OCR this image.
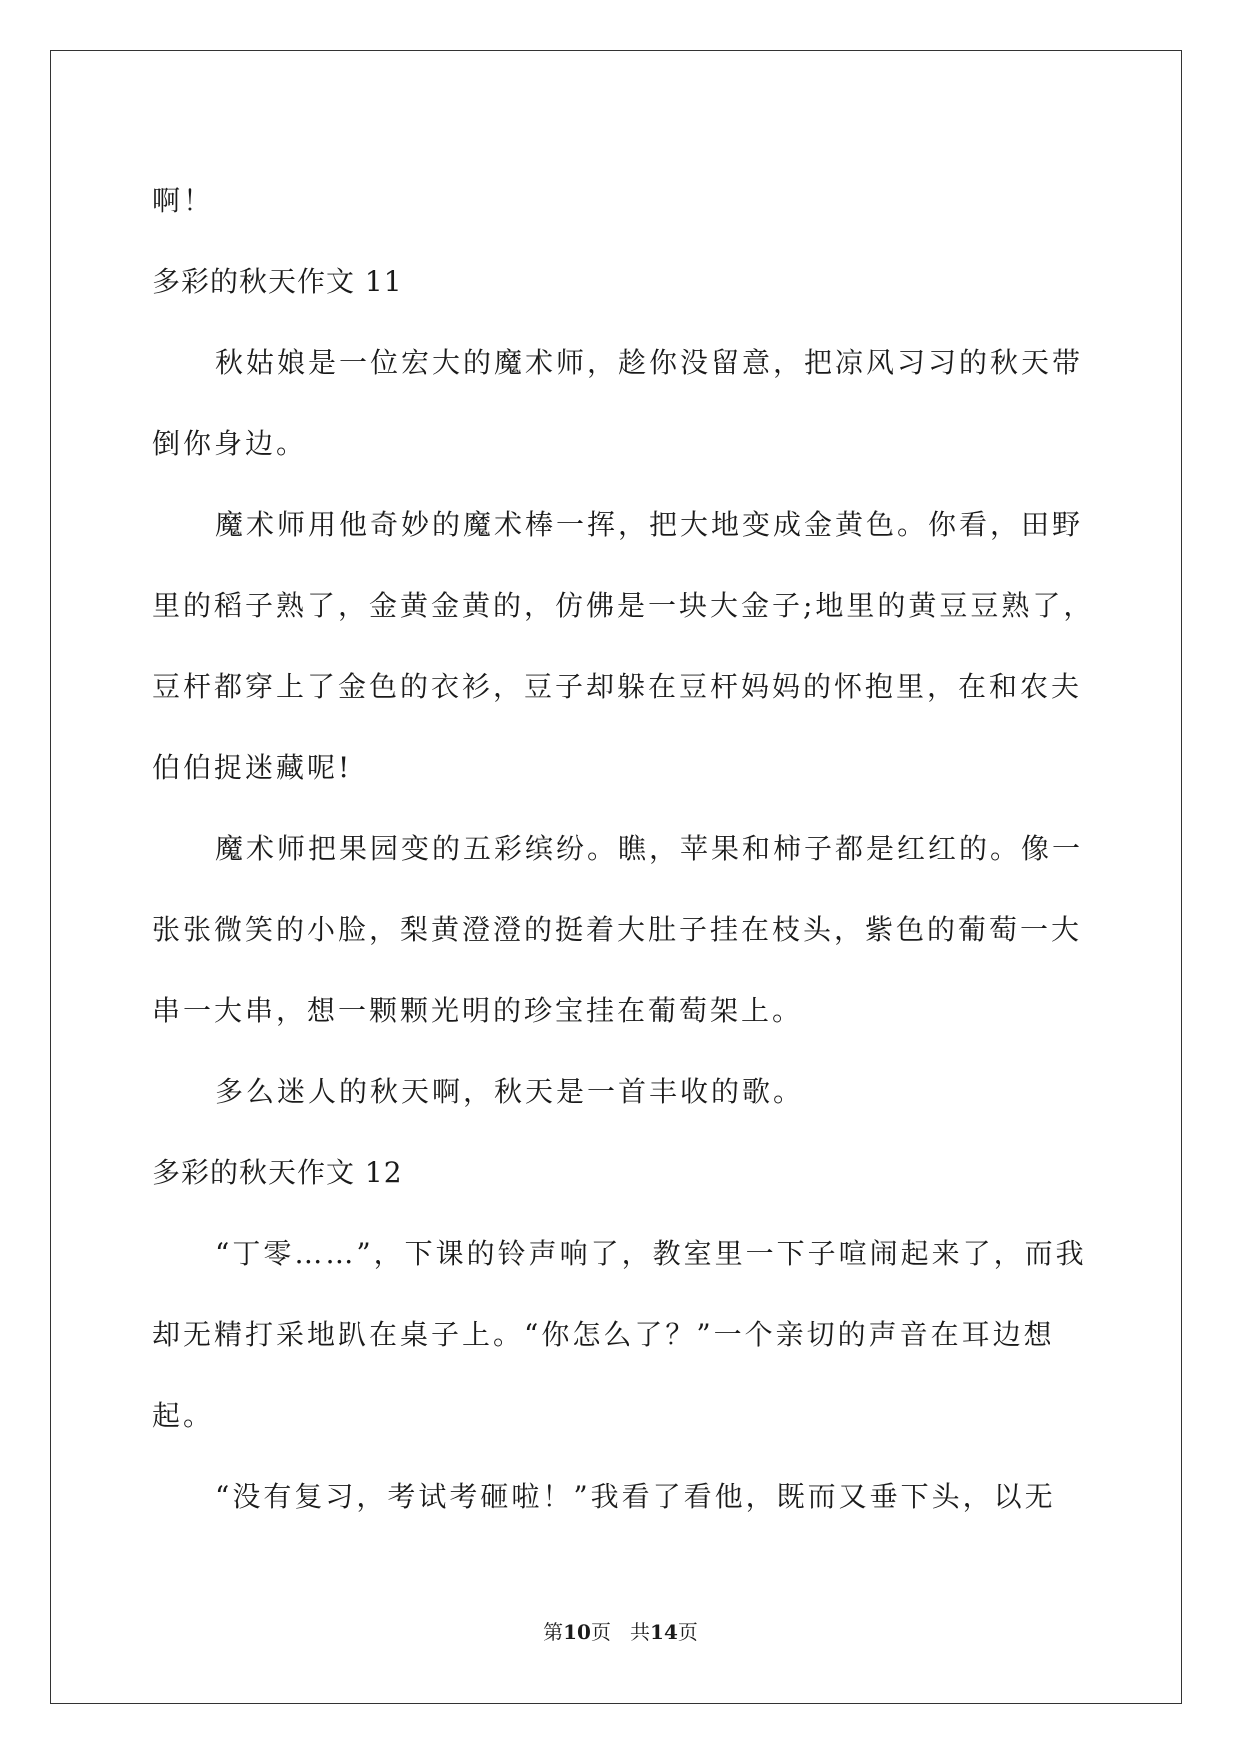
啊！

多彩的秋天作文 11

秋姑娘是一位宏大的魔术师，趁你没留意，把凉风习习的秋天带

倒你身边。

魔术师用他奇妙的魔术棒一挥，把大地变成金黄色。你看，田野

里的稻子熟了，金黄金黄的，仿佛是一块大金子;地里的黄豆豆熟了，

豆杆都穿上了金色的衣衫，豆子却躲在豆杆妈妈的怀抱里，在和农夫

伯伯捉迷藏呢!

魔术师把果园变的五彩缤纷。瞧，苹果和柿子都是红红的。像一

张张微笑的小脸，梨黄澄澄的挺着大肚子挂在枝头，紫色的葡萄一大

串一大串，想一颗颗光明的珍宝挂在葡萄架上。

多么迷人的秋天啊，秋天是一首丰收的歌。

多彩的秋天作文 12

“丁零……”，下课的铃声响了，教室里一下子喧闹起来了，而我

却无精打采地趴在桌子上。“你怎么了？”一个亲切的声音在耳边想

起。

“没有复习，考试考砸啦！”我看了看他，既而又垂下头，以无

第10页   共14页
